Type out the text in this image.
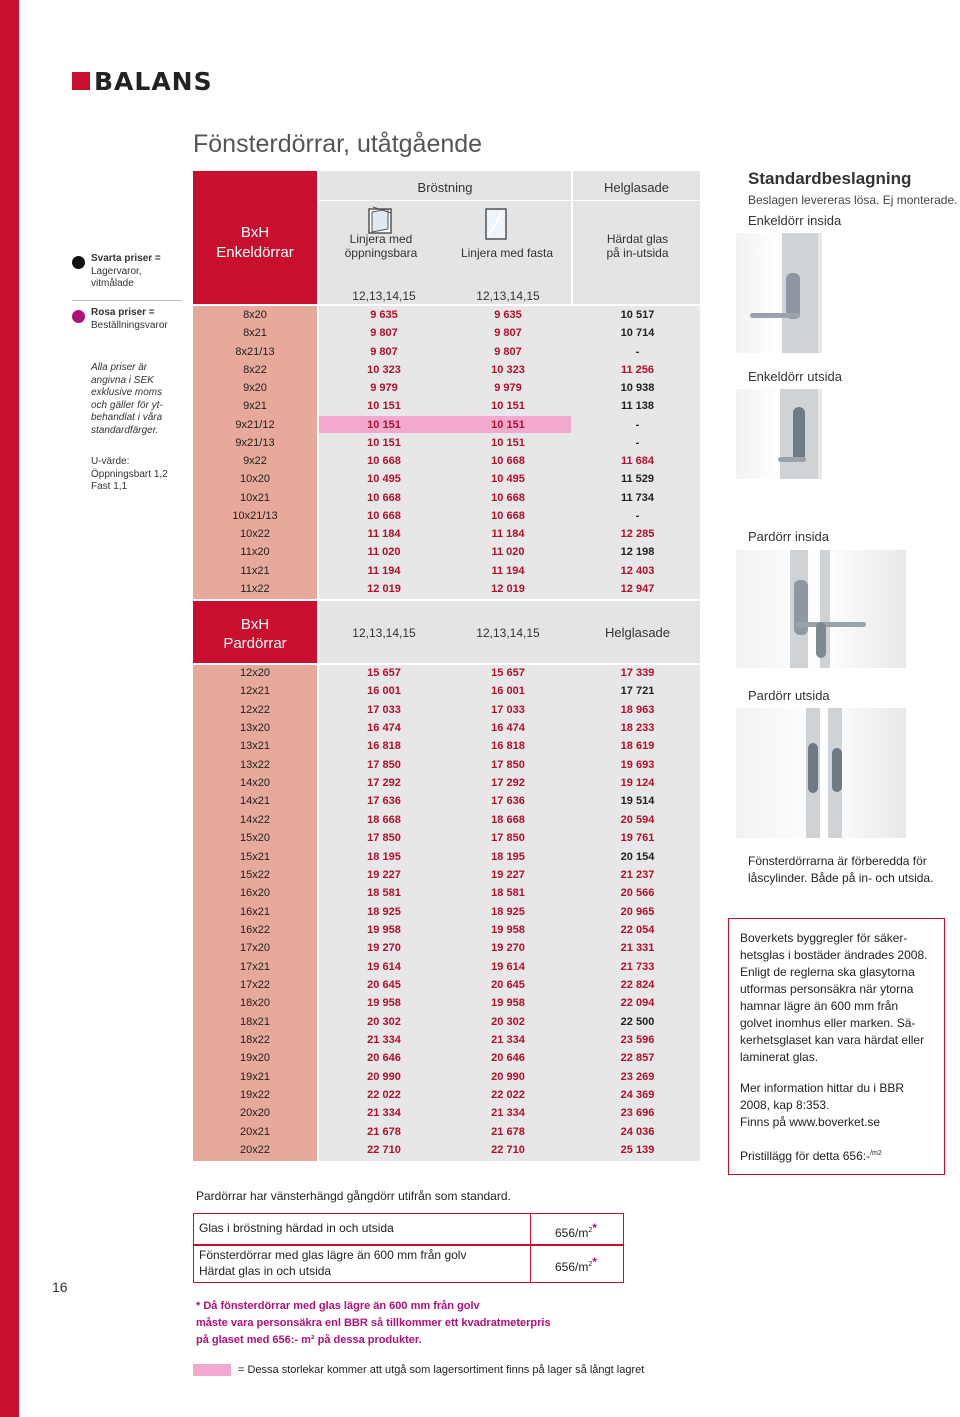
BALANS
Fönsterdörrar, utåtgående
Svarta priser =
Lagervaror,
vitmålade
Rosa priser =
Beställningsvaror
Alla priser är
angivna i SEK
exklusive moms
och gäller för yt-
behandlat i våra
standardfärger.
U-värde:
Öppningsbart 1,2
Fast 1,1
BxH
Enkeldörrar
Bröstning	Helglasade
Linjera med
öppningsbara	Linjera med fasta
Härdat glas
på in-utsida
12,13,14,15	12,13,14,15
8x20	9 635	9 635	10 517
8x21	9 807	9 807	10 714
8x21/13	9 807	9 807	-
8x22	10 323	10 323	11 256
9x20	9 979	9 979	10 938
9x21	10 151	10 151	11 138
9x21/12	10 151	10 151	-
9x21/13	10 151	10 151	-
9x22	10 668	10 668	11 684
10x20	10 495	10 495	11 529
10x21	10 668	10 668	11 734
10x21/13	10 668	10 668	-
10x22	11 184	11 184	12 285
11x20	11 020	11 020	12 198
11x21	11 194	11 194	12 403
11x22	12 019	12 019	12 947
BxH
Pardörrar
12,13,14,15	12,13,14,15	Helglasade
12x20	15 657	15 657	17 339
12x21	16 001	16 001	17 721
12x22	17 033	17 033	18 963
13x20	16 474	16 474	18 233
13x21	16 818	16 818	18 619
13x22	17 850	17 850	19 693
14x20	17 292	17 292	19 124
14x21	17 636	17 636	19 514
14x22	18 668	18 668	20 594
15x20	17 850	17 850	19 761
15x21	18 195	18 195	20 154
15x22	19 227	19 227	21 237
16x20	18 581	18 581	20 566
16x21	18 925	18 925	20 965
16x22	19 958	19 958	22 054
17x20	19 270	19 270	21 331
17x21	19 614	19 614	21 733
17x22	20 645	20 645	22 824
18x20	19 958	19 958	22 094
18x21	20 302	20 302	22 500
18x22	21 334	21 334	23 596
19x20	20 646	20 646	22 857
19x21	20 990	20 990	23 269
19x22	22 022	22 022	24 369
20x20	21 334	21 334	23 696
20x21	21 678	21 678	24 036
20x22	22 710	22 710	25 139
Standardbeslagning
Beslagen levereras lösa. Ej monterade.
Enkeldörr insida
Enkeldörr utsida
Pardörr insida
Pardörr utsida
Fönsterdörrarna är förberedda för
låscylinder. Både på in- och utsida.
Boverkets byggregler för säker-
hetsglas i bostäder ändrades 2008.
Enligt de reglerna ska glasytorna
utformas personsäkra när ytorna
hamnar lägre än 600 mm från
golvet inomhus eller marken. Sä-
kerhetsglaset kan vara härdat eller
laminerat glas.
Mer information hittar du i BBR
2008, kap 8:353.
Finns på www.boverket.se
Pristillägg för detta 656:-$^{/m2}$
Pardörrar har vänsterhängd gångdörr utifrån som standard.
Glas i bröstning härdad in och utsida	$656/m^{2*}$
Fönsterdörrar med glas lägre än 600 mm från golv
Härdat glas in och utsida	$656/m^{2*}$
* Då fönsterdörrar med glas lägre än 600 mm från golv
måste vara personsäkra enl BBR så tillkommer ett kvadratmeterpris
på glaset med 656:- m² på dessa produkter.
= Dessa storlekar kommer att utgå som lagersortiment finns på lager så långt lagret
16
